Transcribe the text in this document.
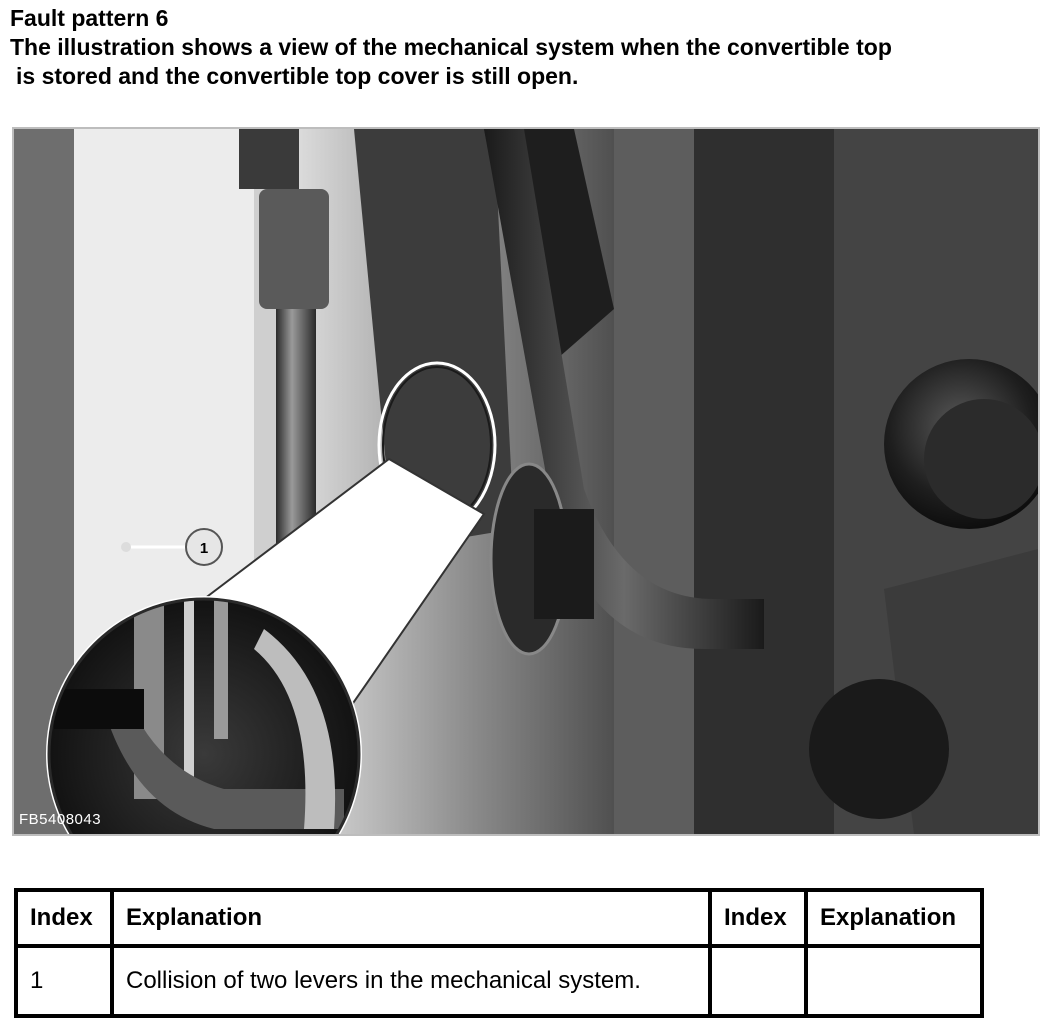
Fault pattern 6
The illustration shows a view of the mechanical system when the convertible top
is stored and the convertible top cover is still open.
1
FB5408043
Index	Explanation	Index	Explanation
1	Collision of two levers in the mechanical system.		
